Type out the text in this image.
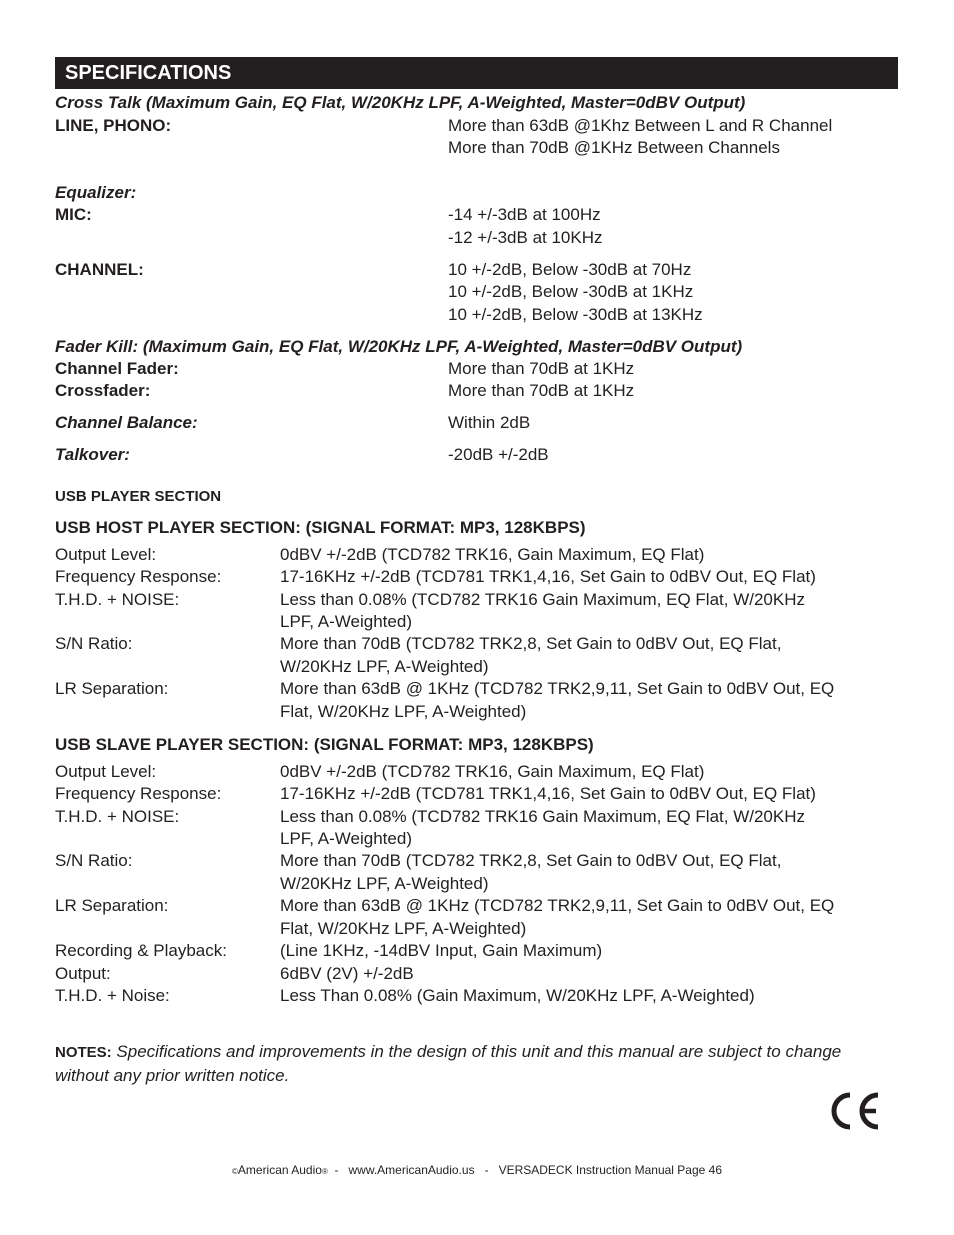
SPECIFICATIONS
Cross Talk (Maximum Gain, EQ Flat, W/20KHz LPF, A-Weighted, Master=0dBV Output)
LINE, PHONO:	More than 63dB @1Khz Between L and R Channel
More than 70dB @1KHz Between Channels
Equalizer:
MIC:	-14 +/-3dB at 100Hz
-12 +/-3dB at 10KHz
CHANNEL:	10 +/-2dB, Below -30dB at 70Hz
10 +/-2dB, Below -30dB at 1KHz
10 +/-2dB, Below -30dB at 13KHz
Fader Kill: (Maximum Gain, EQ Flat, W/20KHz LPF, A-Weighted, Master=0dBV Output)
Channel Fader:	More than 70dB at 1KHz
Crossfader:	More than 70dB at 1KHz
Channel Balance:	Within 2dB
Talkover:	-20dB +/-2dB
USB PLAYER SECTION
USB HOST PLAYER SECTION: (SIGNAL FORMAT: MP3, 128KBPS)
Output Level:	0dBV +/-2dB (TCD782 TRK16, Gain Maximum, EQ Flat)
Frequency Response:	17-16KHz +/-2dB (TCD781 TRK1,4,16, Set Gain to 0dBV Out, EQ Flat)
T.H.D. + NOISE:	Less than 0.08% (TCD782 TRK16 Gain Maximum, EQ Flat, W/20KHz
LPF, A-Weighted)
S/N Ratio:	More than 70dB (TCD782 TRK2,8, Set Gain to 0dBV Out, EQ Flat,
W/20KHz LPF, A-Weighted)
LR Separation:	More than 63dB @ 1KHz (TCD782 TRK2,9,11, Set Gain to 0dBV Out, EQ
Flat, W/20KHz LPF, A-Weighted)
USB SLAVE PLAYER SECTION: (SIGNAL FORMAT: MP3, 128KBPS)
Output Level:	0dBV +/-2dB (TCD782 TRK16, Gain Maximum, EQ Flat)
Frequency Response:	17-16KHz +/-2dB (TCD781 TRK1,4,16, Set Gain to 0dBV Out, EQ Flat)
T.H.D. + NOISE:	Less than 0.08% (TCD782 TRK16 Gain Maximum, EQ Flat, W/20KHz
LPF, A-Weighted)
S/N Ratio:	More than 70dB (TCD782 TRK2,8, Set Gain to 0dBV Out, EQ Flat,
W/20KHz LPF, A-Weighted)
LR Separation:	More than 63dB @ 1KHz (TCD782 TRK2,9,11, Set Gain to 0dBV Out, EQ
Flat, W/20KHz LPF, A-Weighted)
Recording & Playback:	(Line 1KHz, -14dBV Input, Gain Maximum)
Output:	6dBV (2V) +/-2dB
T.H.D. + Noise:	Less Than 0.08% (Gain Maximum, W/20KHz LPF, A-Weighted)
NOTES: Specifications and improvements in the design of this unit and this manual are subject to change without any prior written notice.
©American Audio®  -   www.AmericanAudio.us   -   VERSADECK Instruction Manual Page 46
